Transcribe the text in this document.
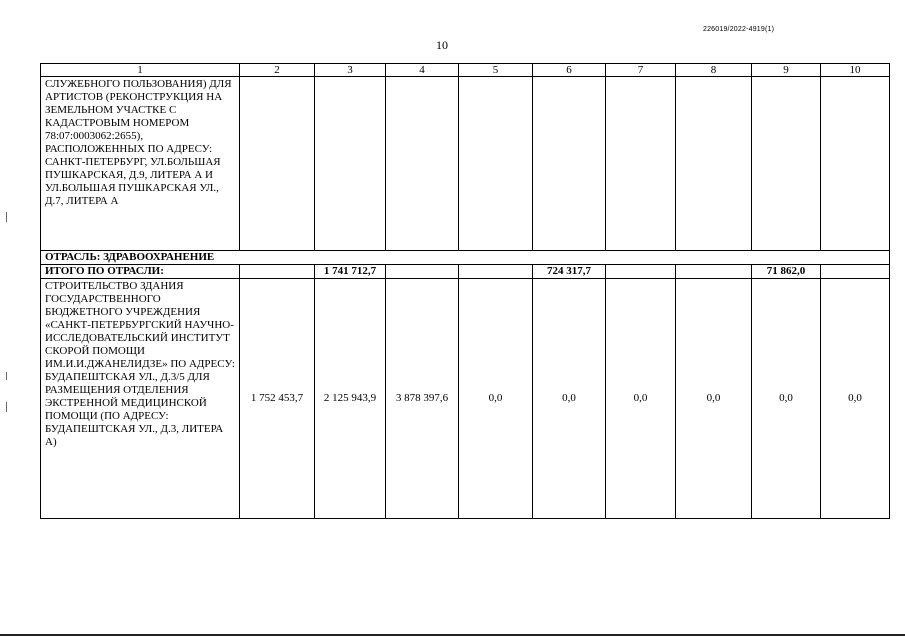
226019/2022-4919(1)
10
1	2	3	4	5	6	7	8	9	10
СЛУЖЕБНОГО ПОЛЬЗОВАНИЯ) ДЛЯ АРТИСТОВ (РЕКОНСТРУКЦИЯ НА ЗЕМЕЛЬНОМ УЧАСТКЕ С КАДАСТРОВЫМ НОМЕРОМ 78:07:0003062:2655), РАСПОЛОЖЕННЫХ ПО АДРЕСУ: САНКТ-ПЕТЕРБУРГ, УЛ.БОЛЬШАЯ ПУШКАРСКАЯ, Д.9, ЛИТЕРА А И УЛ.БОЛЬШАЯ ПУШКАРСКАЯ УЛ., Д.7, ЛИТЕРА А									
ОТРАСЛЬ: ЗДРАВООХРАНЕНИЕ									
ИТОГО ПО ОТРАСЛИ:		1 741 712,7			724 317,7			71 862,0	
СТРОИТЕЛЬСТВО ЗДАНИЯ ГОСУДАРСТВЕННОГО БЮДЖЕТНОГО УЧРЕЖДЕНИЯ «САНКТ-ПЕТЕРБУРГСКИЙ НАУЧНО-ИССЛЕДОВАТЕЛЬСКИЙ ИНСТИТУТ СКОРОЙ ПОМОЩИ ИМ.И.И.ДЖАНЕЛИДЗЕ» ПО АДРЕСУ: БУДАПЕШТСКАЯ УЛ., Д.3/5 ДЛЯ РАЗМЕЩЕНИЯ ОТДЕЛЕНИЯ ЭКСТРЕННОЙ МЕДИЦИНСКОЙ ПОМОЩИ (ПО АДРЕСУ: БУДАПЕШТСКАЯ УЛ., Д.3, ЛИТЕРА А)	1 752 453,7	2 125 943,9	3 878 397,6	0,0	0,0	0,0	0,0	0,0	0,0
